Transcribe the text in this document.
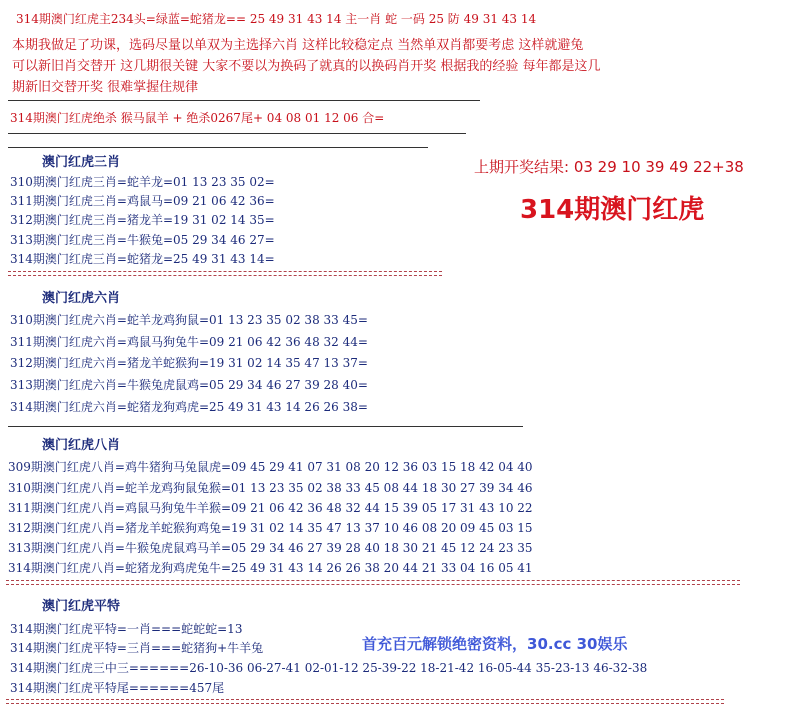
314期澳门红虎主234头=绿蓝=蛇猪龙== 25 49 31 43 14 主一肖 蛇 一码 25 防 49 31 43 14
本期我做足了功课，选码尽量以单双为主选择六肖 这样比较稳定点 当然单双肖都要考虑 这样就避兔
可以新旧肖交替开 这几期很关键 大家不要以为换码了就真的以换码肖开奖 根据我的经验 每年都是这几
期新旧交替开奖 很难掌握住规律
314期澳门红虎绝杀 猴马鼠羊 + 绝杀0267尾+ 04 08 01 12 06 合=
上期开奖结果: 03 29 10 39 49 22+38
314期澳门红虎
澳门红虎三肖
310期澳门红虎三肖=蛇羊龙=01 13 23 35 02=
311期澳门红虎三肖=鸡鼠马=09 21 06 42 36=
312期澳门红虎三肖=猪龙羊=19 31 02 14 35=
313期澳门红虎三肖=牛猴兔=05 29 34 46 27=
314期澳门红虎三肖=蛇猪龙=25 49 31 43 14=
澳门红虎六肖
310期澳门红虎六肖=蛇羊龙鸡狗鼠=01 13 23 35 02 38 33 45=
311期澳门红虎六肖=鸡鼠马狗兔牛=09 21 06 42 36 48 32 44=
312期澳门红虎六肖=猪龙羊蛇猴狗=19 31 02 14 35 47 13 37=
313期澳门红虎六肖=牛猴兔虎鼠鸡=05 29 34 46 27 39 28 40=
314期澳门红虎六肖=蛇猪龙狗鸡虎=25 49 31 43 14 26 26 38=
澳门红虎八肖
309期澳门红虎八肖=鸡牛猪狗马兔鼠虎=09 45 29 41 07 31 08 20 12 36 03 15 18 42 04 40
310期澳门红虎八肖=蛇羊龙鸡狗鼠兔猴=01 13 23 35 02 38 33 45 08 44 18 30 27 39 34 46
311期澳门红虎八肖=鸡鼠马狗兔牛羊猴=09 21 06 42 36 48 32 44 15 39 05 17 31 43 10 22
312期澳门红虎八肖=猪龙羊蛇猴狗鸡兔=19 31 02 14 35 47 13 37 10 46 08 20 09 45 03 15
313期澳门红虎八肖=牛猴兔虎鼠鸡马羊=05 29 34 46 27 39 28 40 18 30 21 45 12 24 23 35
314期澳门红虎八肖=蛇猪龙狗鸡虎兔牛=25 49 31 43 14 26 26 38 20 44 21 33 04 16 05 41
澳门红虎平特
314期澳门红虎平特=一肖===蛇蛇蛇=13
314期澳门红虎平特=三肖===蛇猪狗+牛羊兔
314期澳门红虎三中三======26-10-36 06-27-41 02-01-12 25-39-22 18-21-42 16-05-44 35-23-13 46-32-38
314期澳门红虎平特尾======457尾
首充百元解锁绝密资料，30.cc 30娱乐
